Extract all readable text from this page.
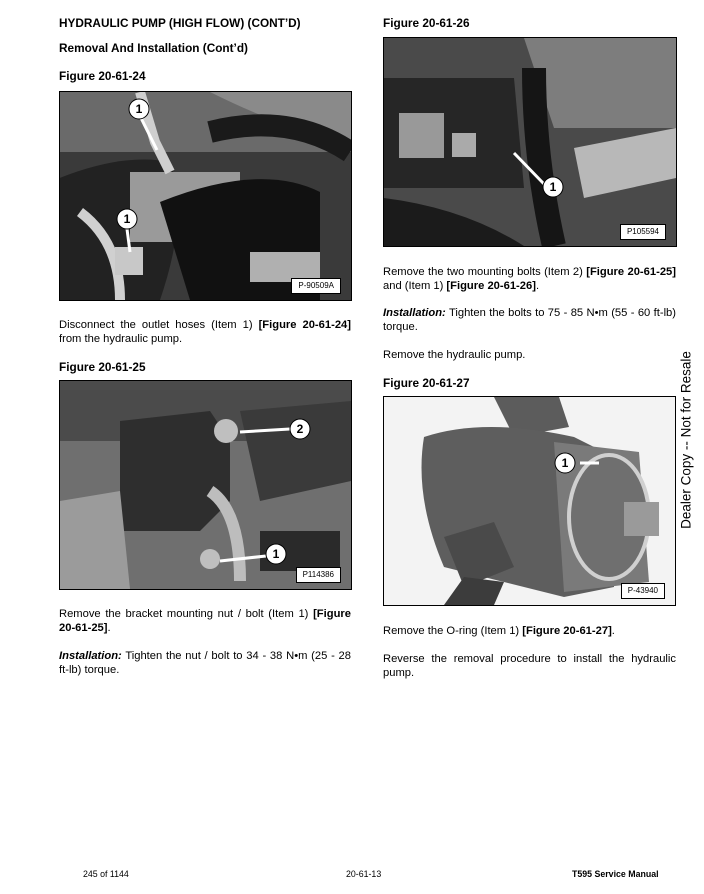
HYDRAULIC PUMP (HIGH FLOW) (CONT’D)
Removal And Installation (Cont’d)
Figure 20-61-24
1
1
P-90509A
Disconnect the outlet hoses (Item 1) [Figure 20-61-24] from the hydraulic pump.
Figure 20-61-25
2
1
P114386
Remove the bracket mounting nut / bolt (Item 1) [Figure 20-61-25].
Installation: Tighten the nut / bolt to 34 - 38 N•m (25 - 28 ft-lb) torque.
Figure 20-61-26
1
P105594
Remove the two mounting bolts (Item 2) [Figure 20-61-25] and (Item 1) [Figure 20-61-26].
Installation: Tighten the bolts to 75 - 85 N•m (55 - 60 ft-lb) torque.
Remove the hydraulic pump.
Figure 20-61-27
1
P-43940
Remove the O-ring (Item 1) [Figure 20-61-27].
Reverse the removal procedure to install the hydraulic pump.
Dealer Copy -- Not for Resale
245 of 1144	20-61-13	T595 Service Manual
